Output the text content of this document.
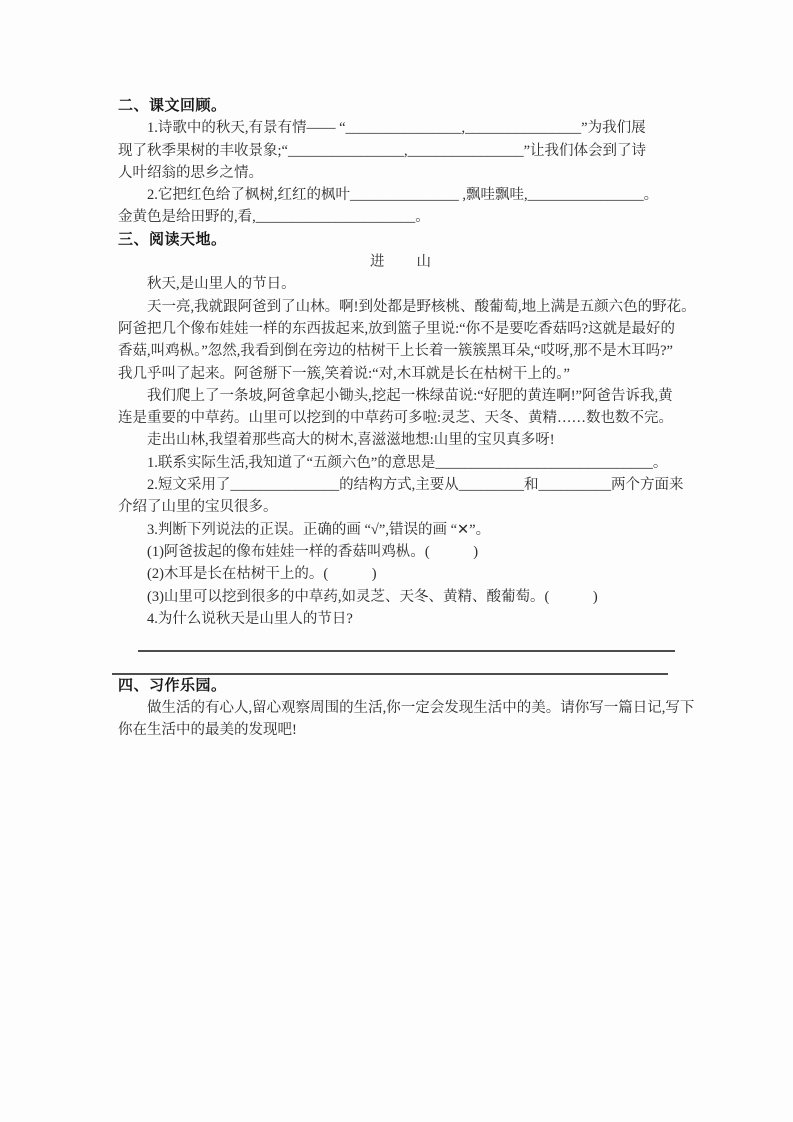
二、课文回顾。
1.诗歌中的秋天,有景有情—— “________________,________________”为我们展
现了秋季果树的丰收景象;“________________,________________”让我们体会到了诗
人叶绍翁的思乡之情。
2.它把红色给了枫树,红红的枫叶_______________ ,飘哇飘哇,________________。
金黄色是给田野的,看,______________________。
三、阅读天地。
进　　山
秋天,是山里人的节日。
天一亮,我就跟阿爸到了山林。啊!到处都是野核桃、酸葡萄,地上满是五颜六色的野花。
阿爸把几个像布娃娃一样的东西拔起来,放到篮子里说:“你不是要吃香菇吗?这就是最好的
香菇,叫鸡枞。”忽然,我看到倒在旁边的枯树干上长着一簇簇黑耳朵,“哎呀,那不是木耳吗?”
我几乎叫了起来。阿爸掰下一簇,笑着说:“对,木耳就是长在枯树干上的。”
我们爬上了一条坡,阿爸拿起小锄头,挖起一株绿苗说:“好肥的黄连啊!”阿爸告诉我,黄
连是重要的中草药。山里可以挖到的中草药可多啦:灵芝、天冬、黄精……数也数不完。
走出山林,我望着那些高大的树木,喜滋滋地想:山里的宝贝真多呀!
1.联系实际生活,我知道了“五颜六色”的意思是______________________________。
2.短文采用了_______________的结构方式,主要从_________和__________两个方面来
介绍了山里的宝贝很多。
3.判断下列说法的正误。正确的画 “√”,错误的画 “✕”。
(1)阿爸拔起的像布娃娃一样的香菇叫鸡枞。(　　　)
(2)木耳是长在枯树干上的。(　　　)
(3)山里可以挖到很多的中草药,如灵芝、天冬、黄精、酸葡萄。(　　　)
4.为什么说秋天是山里人的节日?
四、习作乐园。
做生活的有心人,留心观察周围的生活,你一定会发现生活中的美。请你写一篇日记,写下
你在生活中的最美的发现吧!
